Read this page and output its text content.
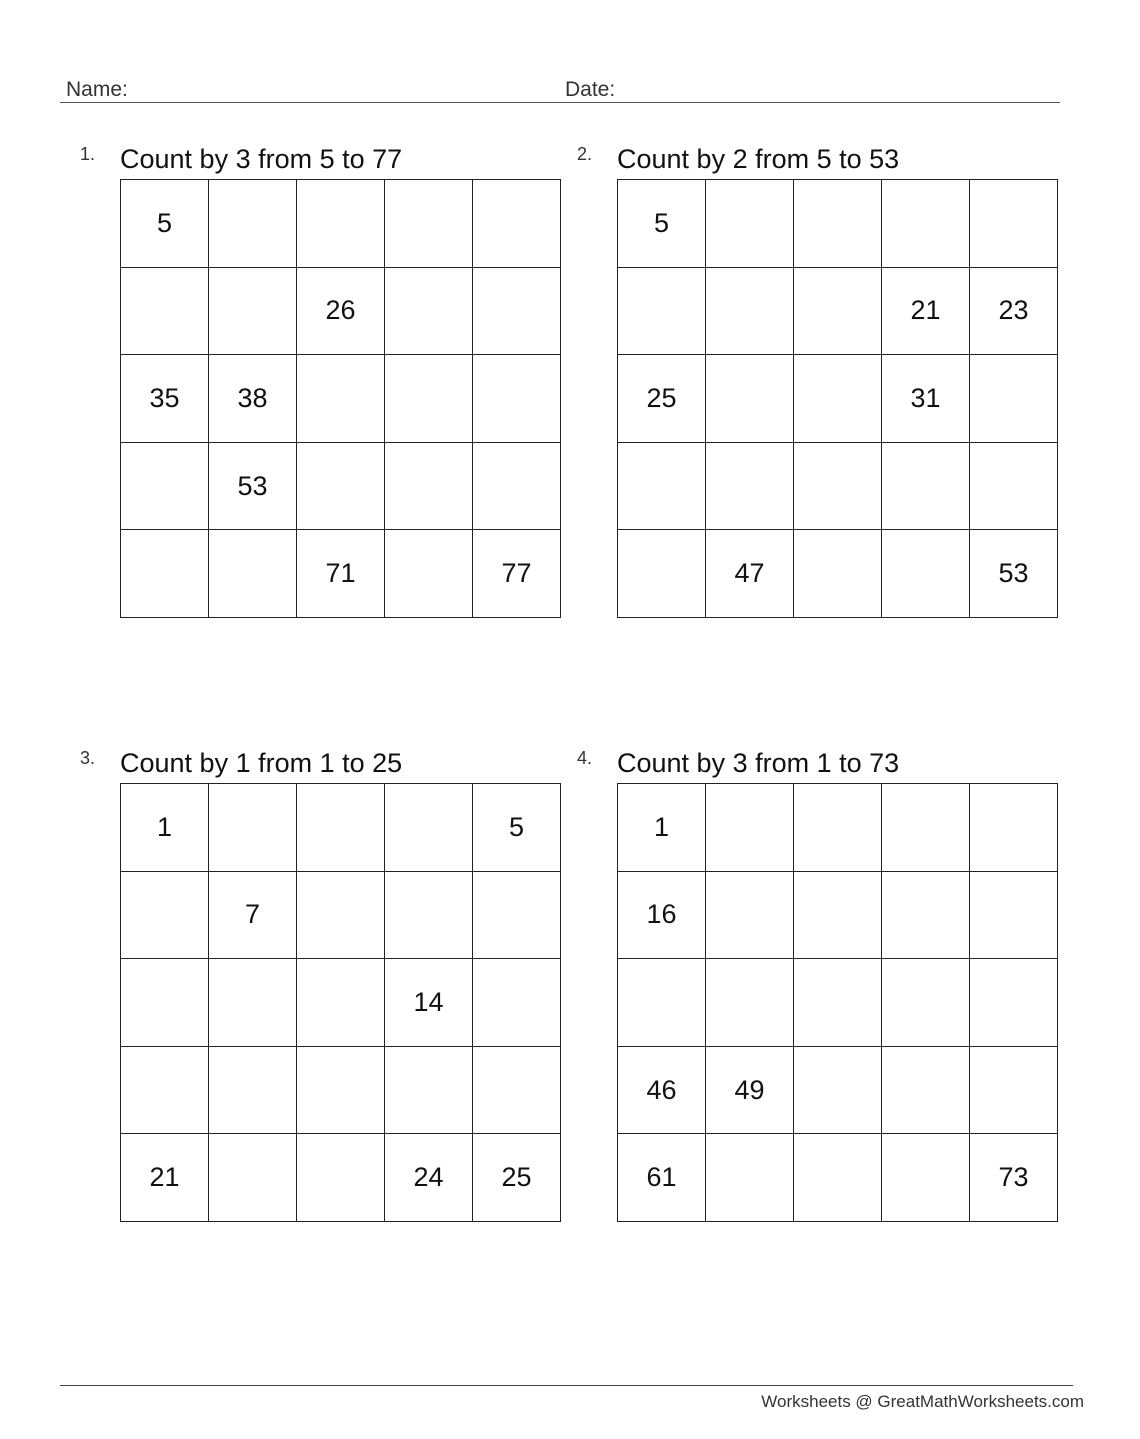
Name:	Date:
1. Count by 3 from 5 to 77
5				
		26		
35	38			
	53			
		71		77
2. Count by 2 from 5 to 53
5				
			21	23
25			31	

	47			53
3. Count by 1 from 1 to 25
1				5
	7			
			14	

21			24	25
4. Count by 3 from 1 to 73
1				
16				

46	49			
61				73
Worksheets @ GreatMathWorksheets.com
